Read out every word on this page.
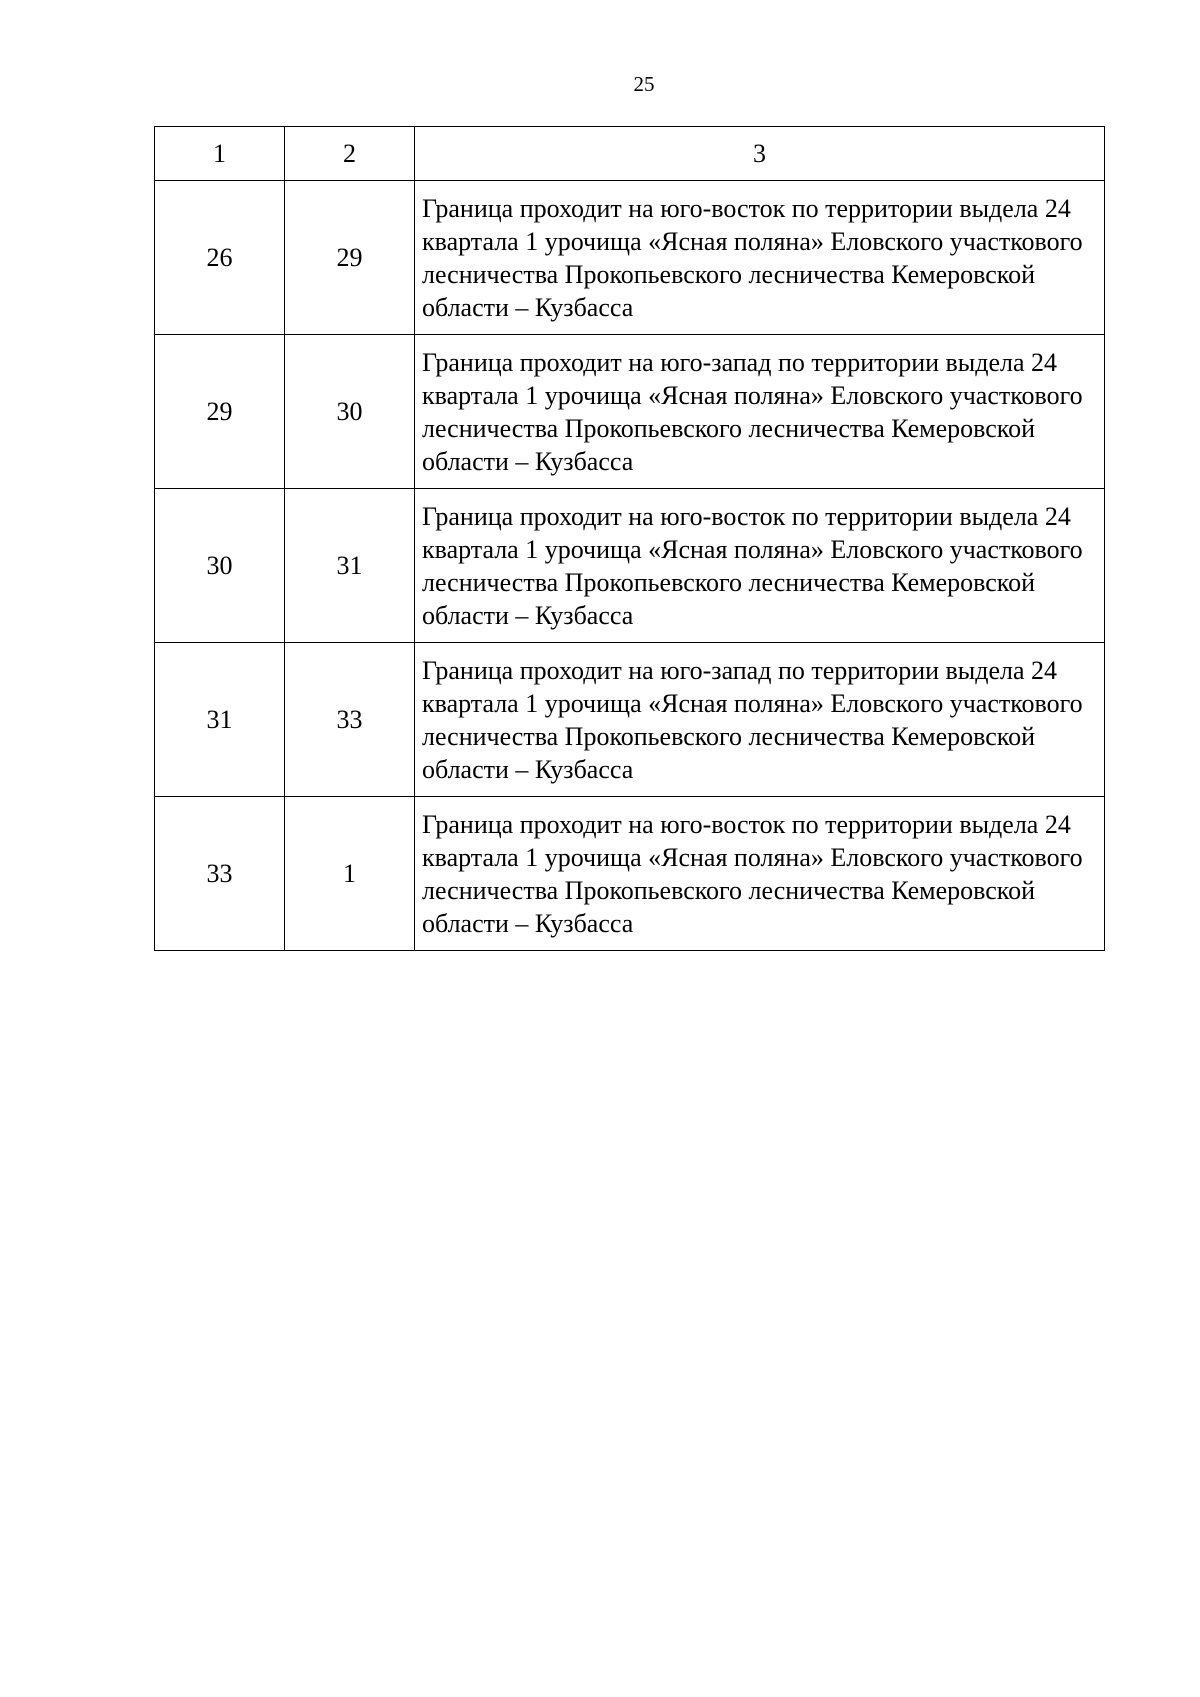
25
1	2	3
26	29	Граница проходит на юго-восток по территории выдела 24 квартала 1 урочища «Ясная поляна» Еловского участкового лесничества Прокопьевского лесничества Кемеровской области – Кузбасса
29	30	Граница проходит на юго-запад по территории выдела 24 квартала 1 урочища «Ясная поляна» Еловского участкового лесничества Прокопьевского лесничества Кемеровской области – Кузбасса
30	31	Граница проходит на юго-восток по территории выдела 24 квартала 1 урочища «Ясная поляна» Еловского участкового лесничества Прокопьевского лесничества Кемеровской области – Кузбасса
31	33	Граница проходит на юго-запад по территории выдела 24 квартала 1 урочища «Ясная поляна» Еловского участкового лесничества Прокопьевского лесничества Кемеровской области – Кузбасса
33	1	Граница проходит на юго-восток по территории выдела 24 квартала 1 урочища «Ясная поляна» Еловского участкового лесничества Прокопьевского лесничества Кемеровской области – Кузбасса
